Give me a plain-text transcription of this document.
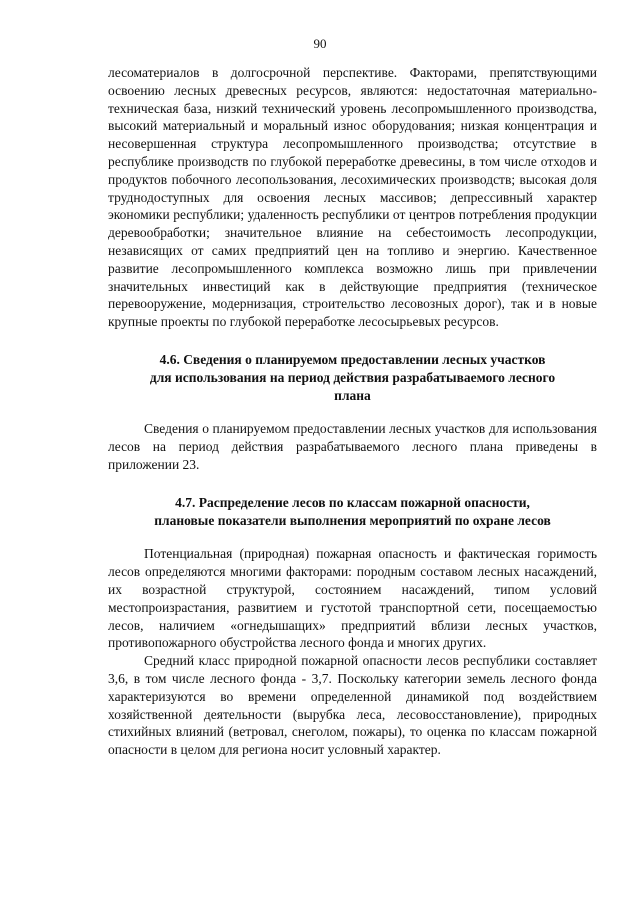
90

лесоматериалов в долгосрочной перспективе. Факторами, препятствующими освоению лесных древесных ресурсов, являются: недостаточная материально-техническая база, низкий технический уровень лесопромышленного производства, высокий материальный и моральный износ оборудования; низкая концентрация и несовершенная структура лесопромышленного производства; отсутствие в республике производств по глубокой переработке древесины, в том числе отходов и продуктов побочного лесопользования, лесохимических производств; высокая доля труднодоступных для освоения лесных массивов; депрессивный характер экономики республики; удаленность республики от центров потребления продукции деревообработки; значительное влияние на себестоимость лесопродукции, независящих от самих предприятий цен на топливо и энергию. Качественное развитие лесопромышленного комплекса возможно лишь при привлечении значительных инвестиций как в действующие предприятия (техническое перевооружение, модернизация, строительство лесовозных дорог), так и в новые крупные проекты по глубокой переработке лесосырьевых ресурсов.

4.6. Сведения о планируемом предоставлении лесных участков
для использования на период действия разрабатываемого лесного
плана

Сведения о планируемом предоставлении лесных участков для использования лесов на период действия разрабатываемого лесного плана приведены в приложении 23.

4.7. Распределение лесов по классам пожарной опасности,
плановые показатели выполнения мероприятий по охране лесов

Потенциальная (природная) пожарная опасность и фактическая горимость лесов определяются многими факторами: породным составом лесных насаждений, их возрастной структурой, состоянием насаждений, типом условий местопроизрастания, развитием и густотой транспортной сети, посещаемостью лесов, наличием «огнедышащих» предприятий вблизи лесных участков, противопожарного обустройства лесного фонда и многих других.

Средний класс природной пожарной опасности лесов республики составляет 3,6, в том числе лесного фонда - 3,7. Поскольку категории земель лесного фонда характеризуются во времени определенной динамикой под воздействием хозяйственной деятельности (вырубка леса, лесовосстановление), природных стихийных влияний (ветровал, снеголом, пожары), то оценка по классам пожарной опасности в целом для региона носит условный характер.
